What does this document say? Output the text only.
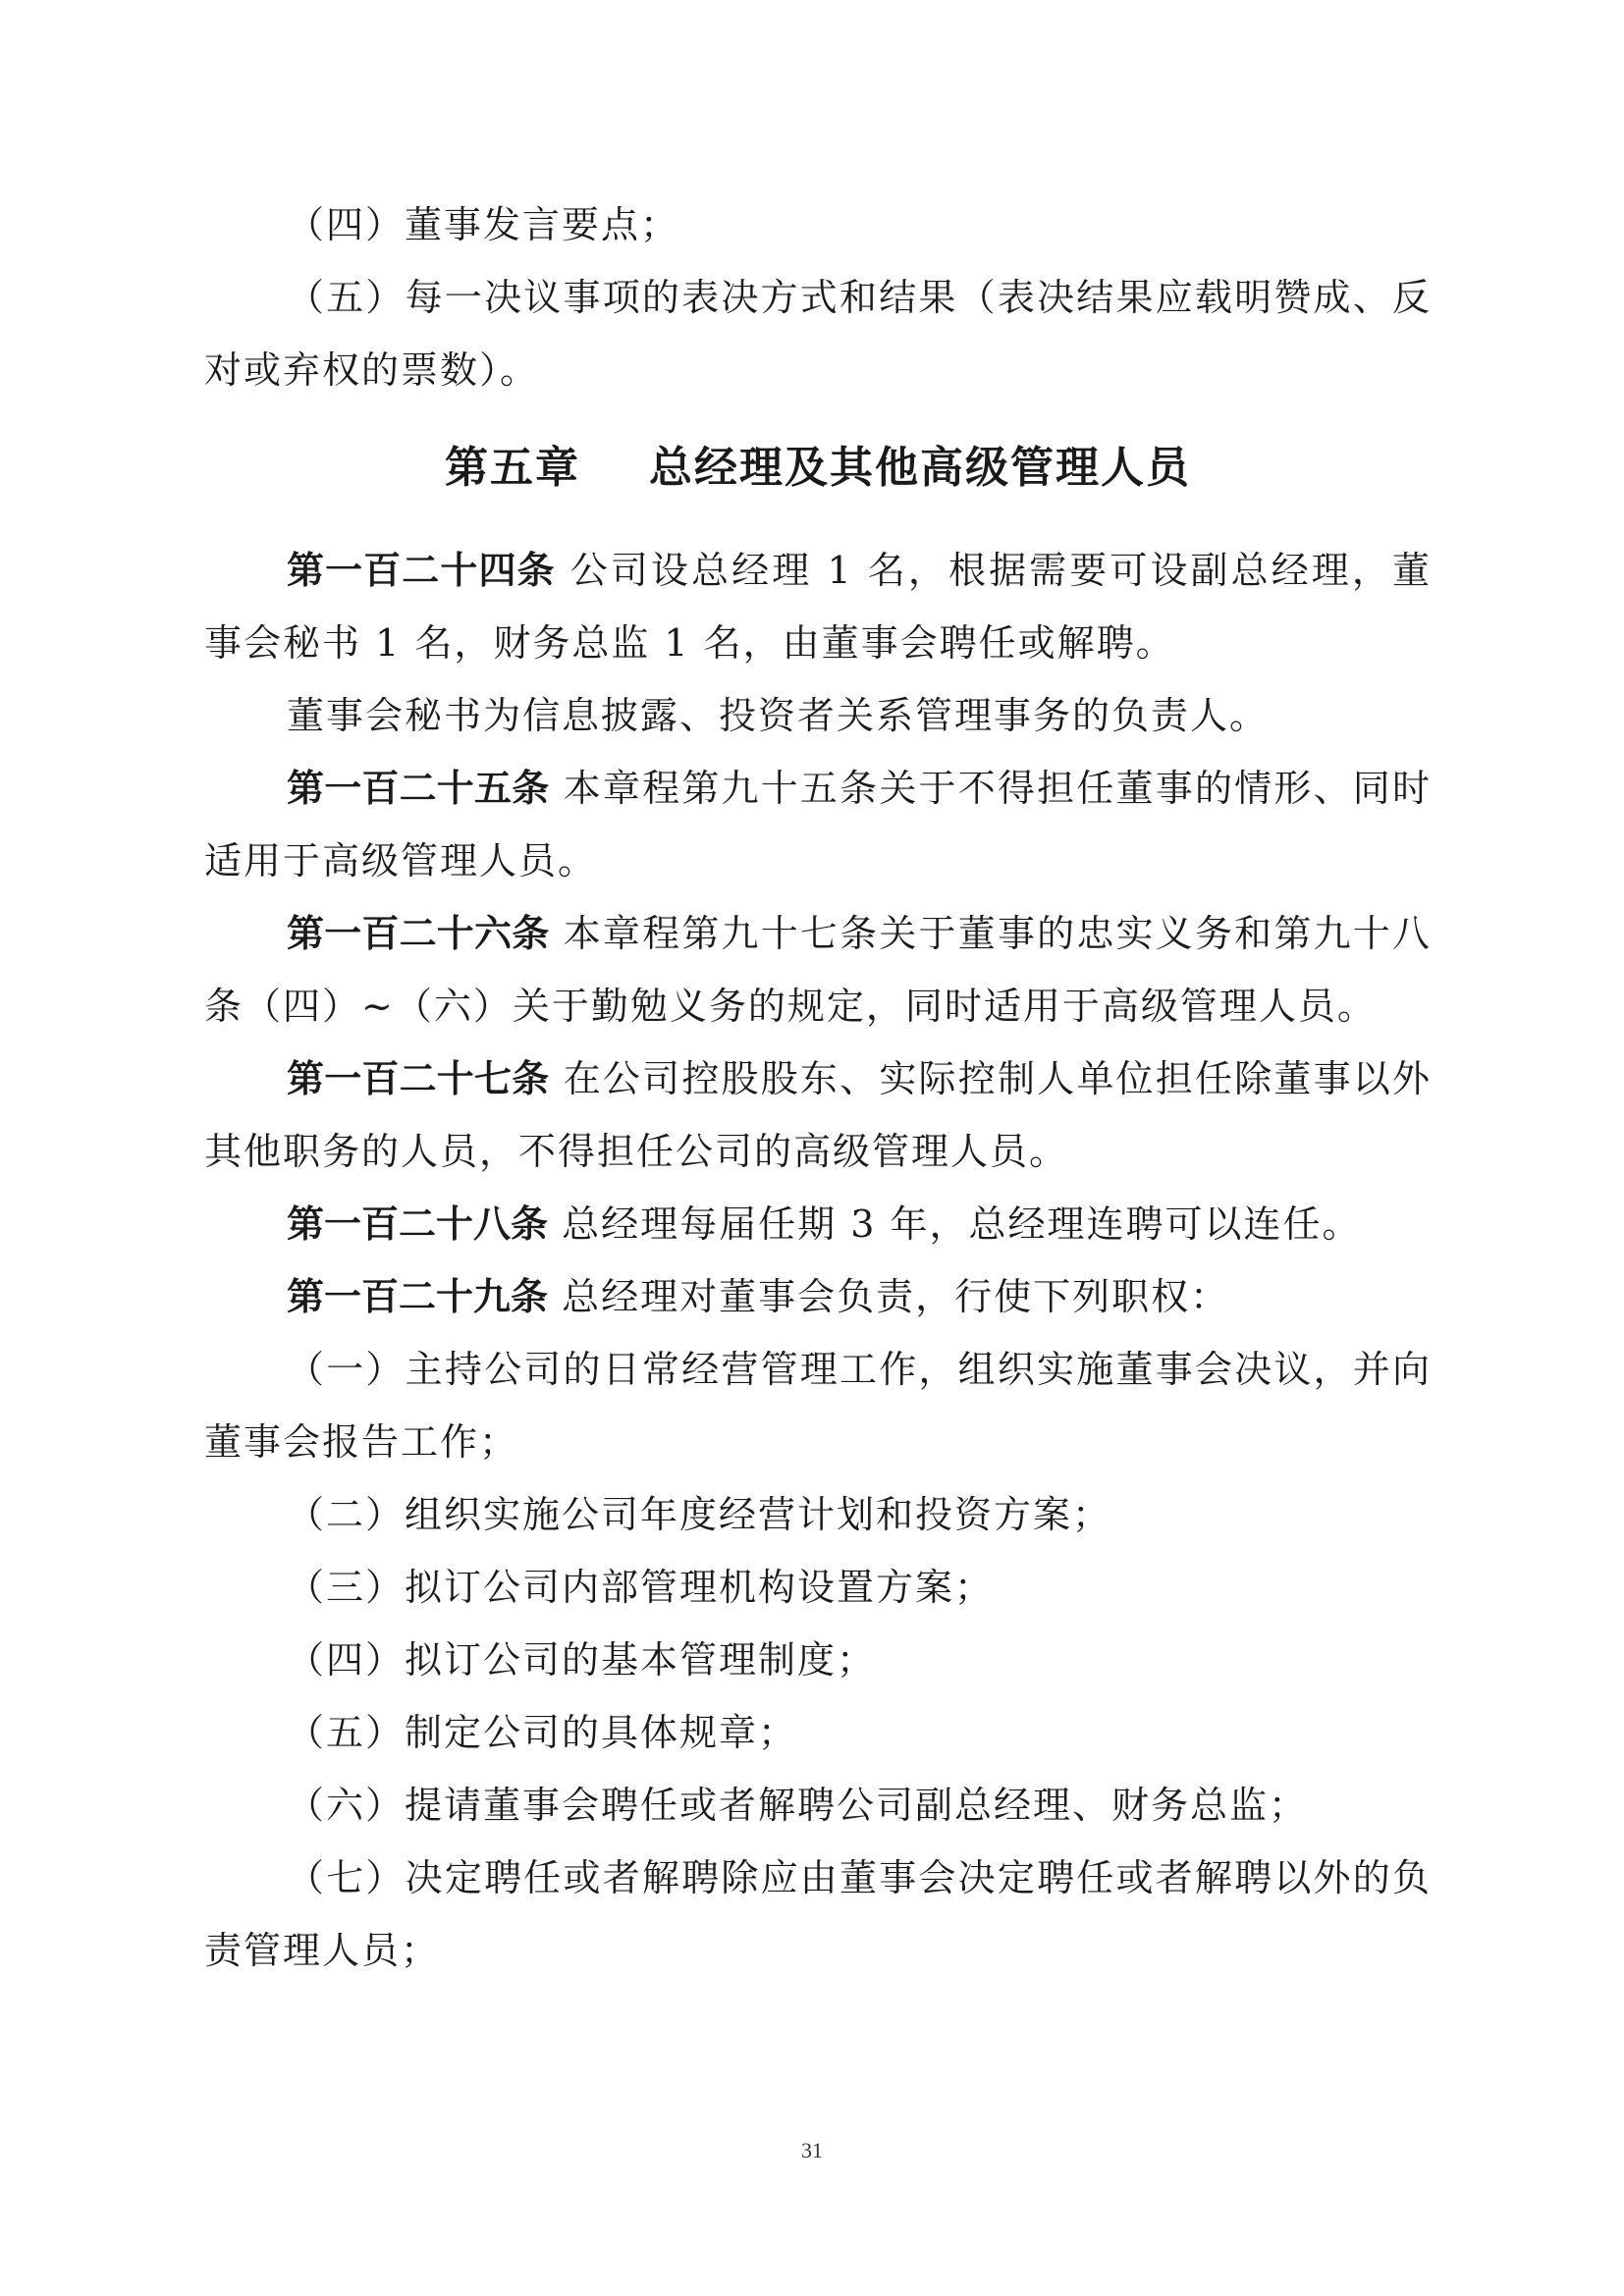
（四）董事发言要点；

（五）每一决议事项的表决方式和结果（表决结果应载明赞成、反对或弃权的票数）。

第五章 总经理及其他高级管理人员

第一百二十四条 公司设总经理 1 名，根据需要可设副总经理，董事会秘书 1 名，财务总监 1 名，由董事会聘任或解聘。

董事会秘书为信息披露、投资者关系管理事务的负责人。

第一百二十五条 本章程第九十五条关于不得担任董事的情形、同时适用于高级管理人员。

第一百二十六条 本章程第九十七条关于董事的忠实义务和第九十八条（四）~（六）关于勤勉义务的规定，同时适用于高级管理人员。

第一百二十七条 在公司控股股东、实际控制人单位担任除董事以外其他职务的人员，不得担任公司的高级管理人员。

第一百二十八条 总经理每届任期 3 年，总经理连聘可以连任。

第一百二十九条 总经理对董事会负责，行使下列职权：

（一）主持公司的日常经营管理工作，组织实施董事会决议，并向董事会报告工作；

（二）组织实施公司年度经营计划和投资方案；

（三）拟订公司内部管理机构设置方案；

（四）拟订公司的基本管理制度；

（五）制定公司的具体规章；

（六）提请董事会聘任或者解聘公司副总经理、财务总监；

（七）决定聘任或者解聘除应由董事会决定聘任或者解聘以外的负责管理人员；

31
